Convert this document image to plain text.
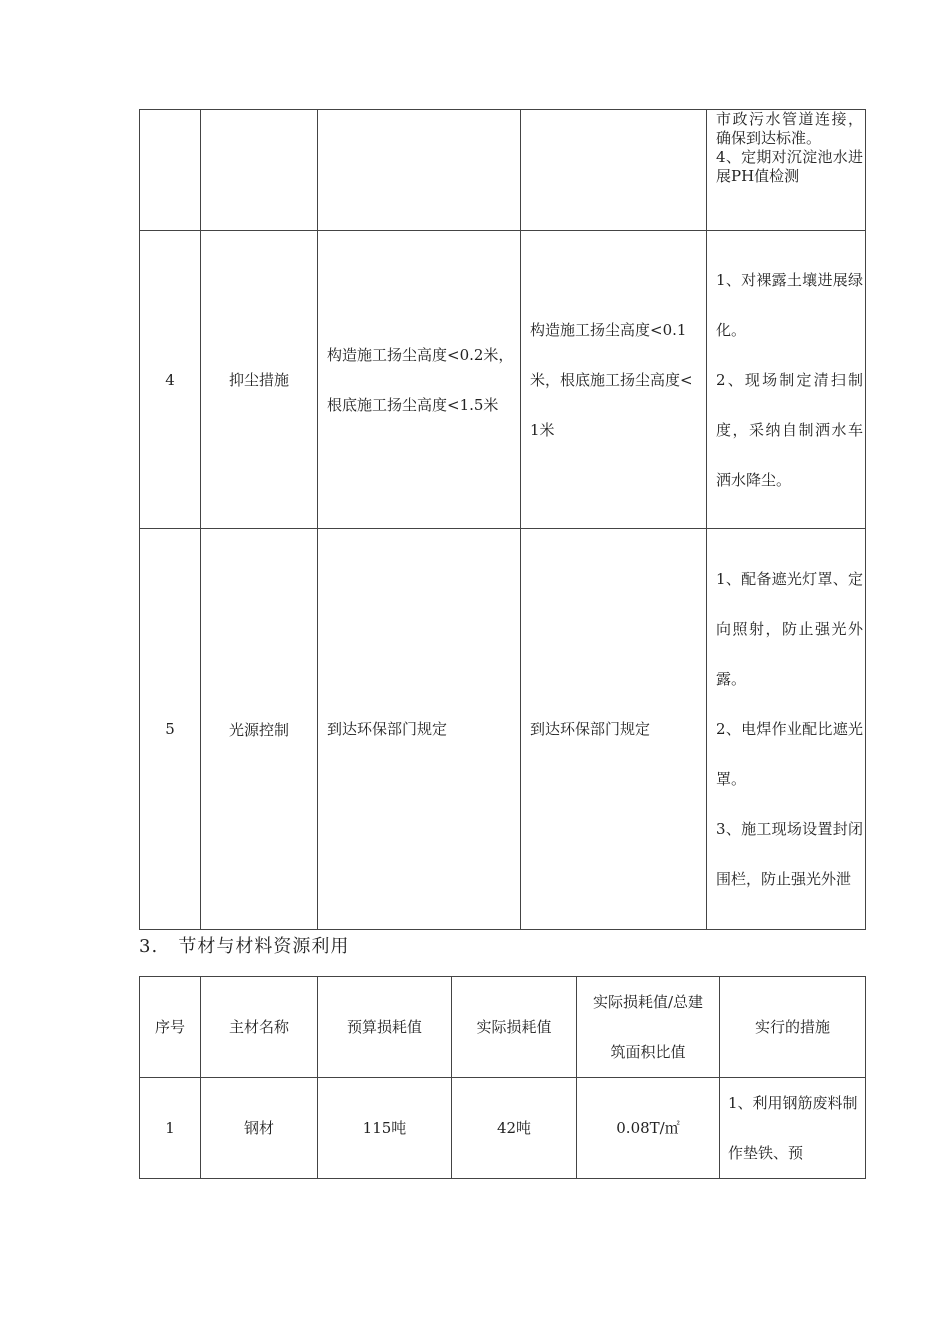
				市政污水管道连接，确保到达标准。
4、定期对沉淀池水进展PH值检测

4	抑尘措施	构造施工扬尘高度<0.2米，根底施工扬尘高度<1.5米	构造施工扬尘高度<0.1米，根底施工扬尘高度<1米	1、对裸露土壤进展绿化。
2、现场制定清扫制度，采纳自制洒水车洒水降尘。

5	光源控制	到达环保部门规定	到达环保部门规定	1、配备遮光灯罩、定向照射，防止强光外露。
2、电焊作业配比遮光罩。
3、施工现场设置封闭围栏，防止强光外泄
3.   节材与材料资源利用
序号	主材名称	预算损耗值	实际损耗值	实际损耗值/总建筑面积比值	实行的措施
1	钢材	115吨	42吨	0.08T/㎡	1、利用钢筋废料制作垫铁、预
